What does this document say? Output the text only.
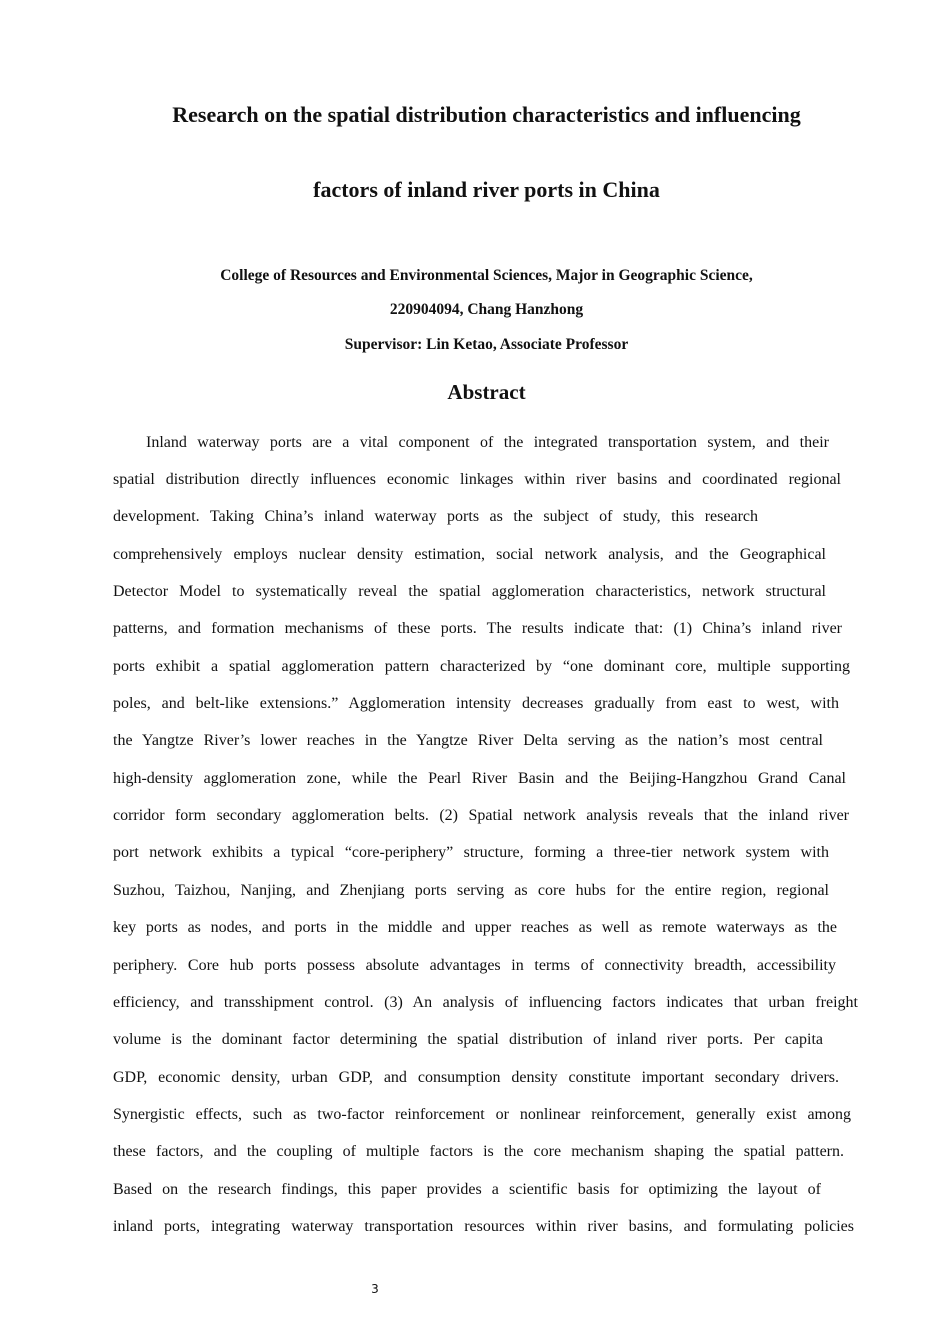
Research on the spatial distribution characteristics and influencing
factors of inland river ports in China
College of Resources and Environmental Sciences, Major in Geographic Science,
220904094, Chang Hanzhong
Supervisor: Lin Ketao, Associate Professor
Abstract
Inland waterway ports are a vital component of the integrated transportation system, and their
spatial distribution directly influences economic linkages within river basins and coordinated regional
development. Taking China’s inland waterway ports as the subject of study, this research
comprehensively employs nuclear density estimation, social network analysis, and the Geographical
Detector Model to systematically reveal the spatial agglomeration characteristics, network structural
patterns, and formation mechanisms of these ports. The results indicate that: (1) China’s inland river
ports exhibit a spatial agglomeration pattern characterized by “one dominant core, multiple supporting
poles, and belt-like extensions.” Agglomeration intensity decreases gradually from east to west, with
the Yangtze River’s lower reaches in the Yangtze River Delta serving as the nation’s most central
high-density agglomeration zone, while the Pearl River Basin and the Beijing-Hangzhou Grand Canal
corridor form secondary agglomeration belts. (2) Spatial network analysis reveals that the inland river
port network exhibits a typical “core-periphery” structure, forming a three-tier network system with
Suzhou, Taizhou, Nanjing, and Zhenjiang ports serving as core hubs for the entire region, regional
key ports as nodes, and ports in the middle and upper reaches as well as remote waterways as the
periphery. Core hub ports possess absolute advantages in terms of connectivity breadth, accessibility
efficiency, and transshipment control. (3) An analysis of influencing factors indicates that urban freight
volume is the dominant factor determining the spatial distribution of inland river ports. Per capita
GDP, economic density, urban GDP, and consumption density constitute important secondary drivers.
Synergistic effects, such as two-factor reinforcement or nonlinear reinforcement, generally exist among
these factors, and the coupling of multiple factors is the core mechanism shaping the spatial pattern.
Based on the research findings, this paper provides a scientific basis for optimizing the layout of
inland ports, integrating waterway transportation resources within river basins, and formulating policies
3
